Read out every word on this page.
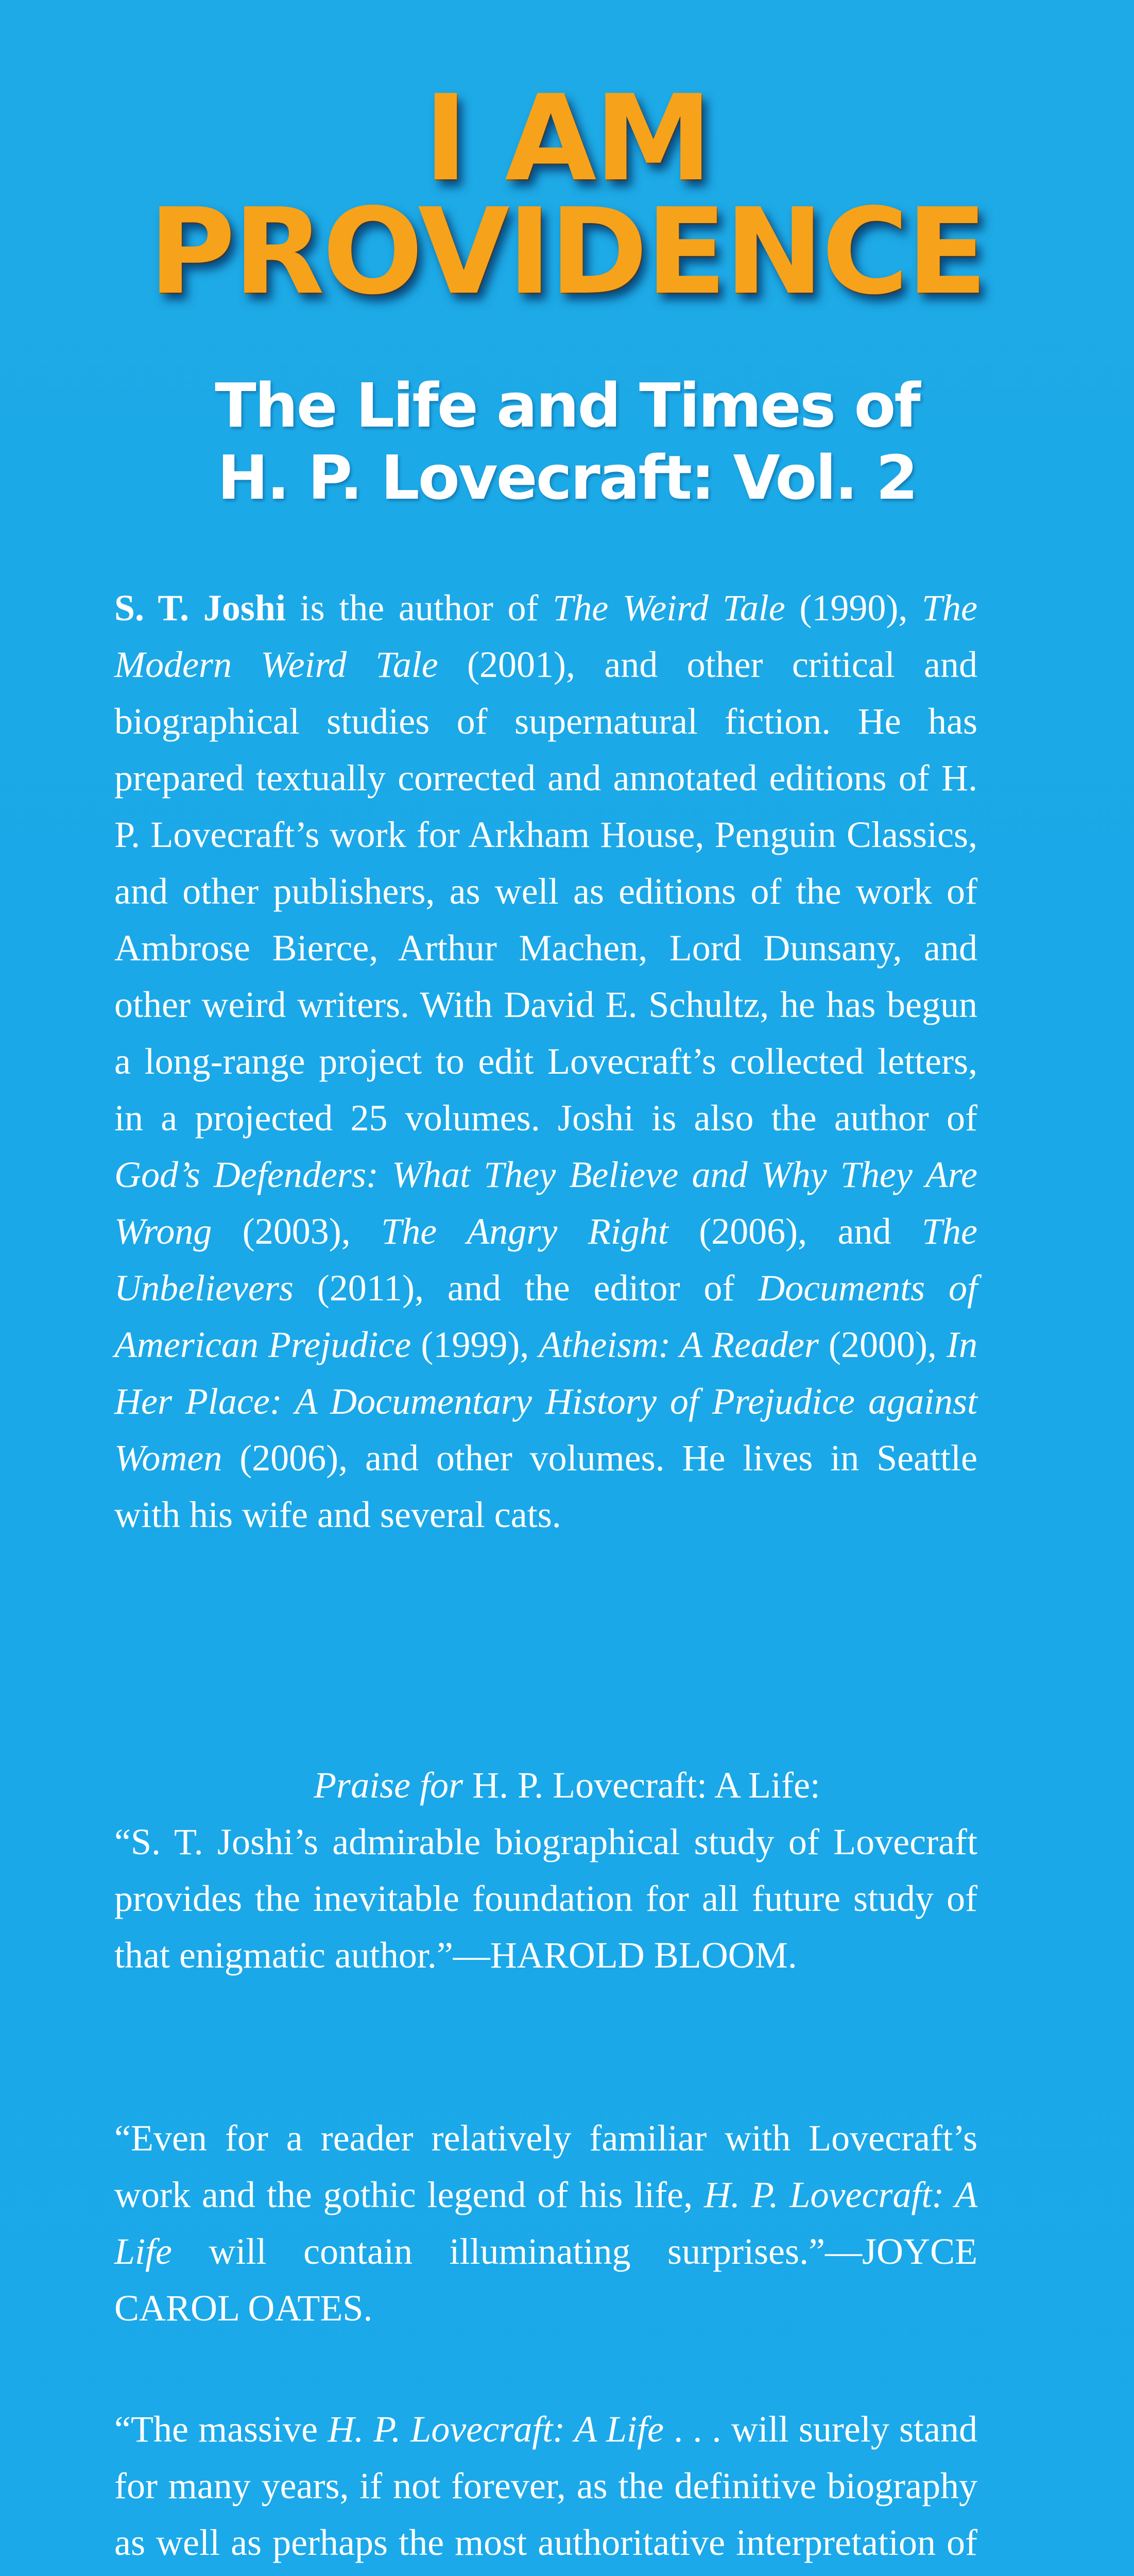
I AM
PROVIDENCE
The Life and Times of
H. P. Lovecraft: Vol. 2

S. T. Joshi is the author of The Weird Tale (1990), The Modern Weird Tale (2001), and other critical and biographical studies of supernatural fiction. He has prepared textually corrected and annotated editions of H. P. Lovecraft’s work for Arkham House, Penguin Classics, and other publishers, as well as editions of the work of Ambrose Bierce, Arthur Machen, Lord Dunsany, and other weird writers. With David E. Schultz, he has begun a long-range project to edit Lovecraft’s collected letters, in a projected 25 volumes. Joshi is also the author of God’s Defenders: What They Believe and Why They Are Wrong (2003), The Angry Right (2006), and The Unbelievers (2011), and the editor of Documents of American Prejudice (1999), Atheism: A Reader (2000), In Her Place: A Documentary History of Prejudice against Women (2006), and other volumes. He lives in Seattle with his wife and several cats.

Praise for H. P. Lovecraft: A Life:

“S. T. Joshi’s admirable biographical study of Lovecraft provides the inevitable foundation for all future study of that enigmatic author.”—HAROLD BLOOM.

“Even for a reader relatively familiar with Lovecraft’s work and the gothic legend of his life, H. P. Lovecraft: A Life will contain illuminating surprises.”—JOYCE CAROL OATES.

“The massive H. P. Lovecraft: A Life . . . will surely stand for many years, if not forever, as the definitive biography as well as perhaps the most authoritative interpretation of
